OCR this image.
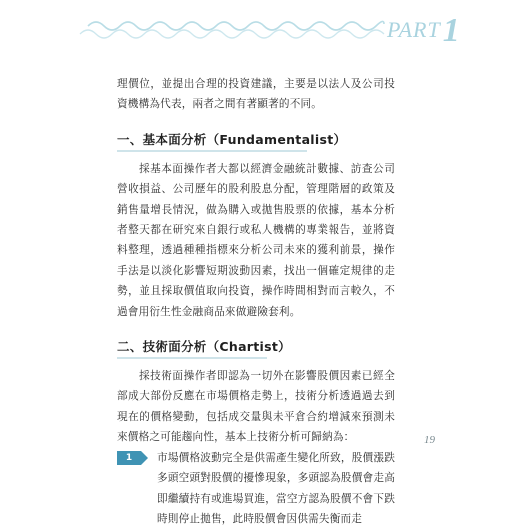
PART1

理價位，並提出合理的投資建議，主要是以法人及公司投資機構為代表，兩者之間有著顯著的不同。

一、基本面分析（Fundamentalist）

採基本面操作者大都以經濟金融統計數據、訪查公司營收損益、公司歷年的股利股息分配，管理階層的政策及銷售量增長情況，做為購入或拋售股票的依據，基本分析者整天都在研究來自銀行或私人機構的專業報告，並將資料整理，透過種種指標來分析公司未來的獲利前景，操作手法是以淡化影響短期波動因素，找出一個確定規律的走勢，並且採取價值取向投資，操作時間相對而言較久，不過會用衍生性金融商品來做避險套利。

二、技術面分析（Chartist）

採技術面操作者即認為一切外在影響股價因素已經全部成大部份反應在市場價格走勢上，技術分析透過過去到現在的價格變動，包括成交量與未平倉合約增減來預測未來價格之可能趨向性，基本上技術分析可歸納為：

1	市場價格波動完全是供需產生變化所致，股價漲跌多頭空頭對股價的擾慘現象，多頭認為股價會走高即繼續持有或進場買進，當空方認為股價不會下跌時則停止拋售，此時股價會因供需失衡而走

19
